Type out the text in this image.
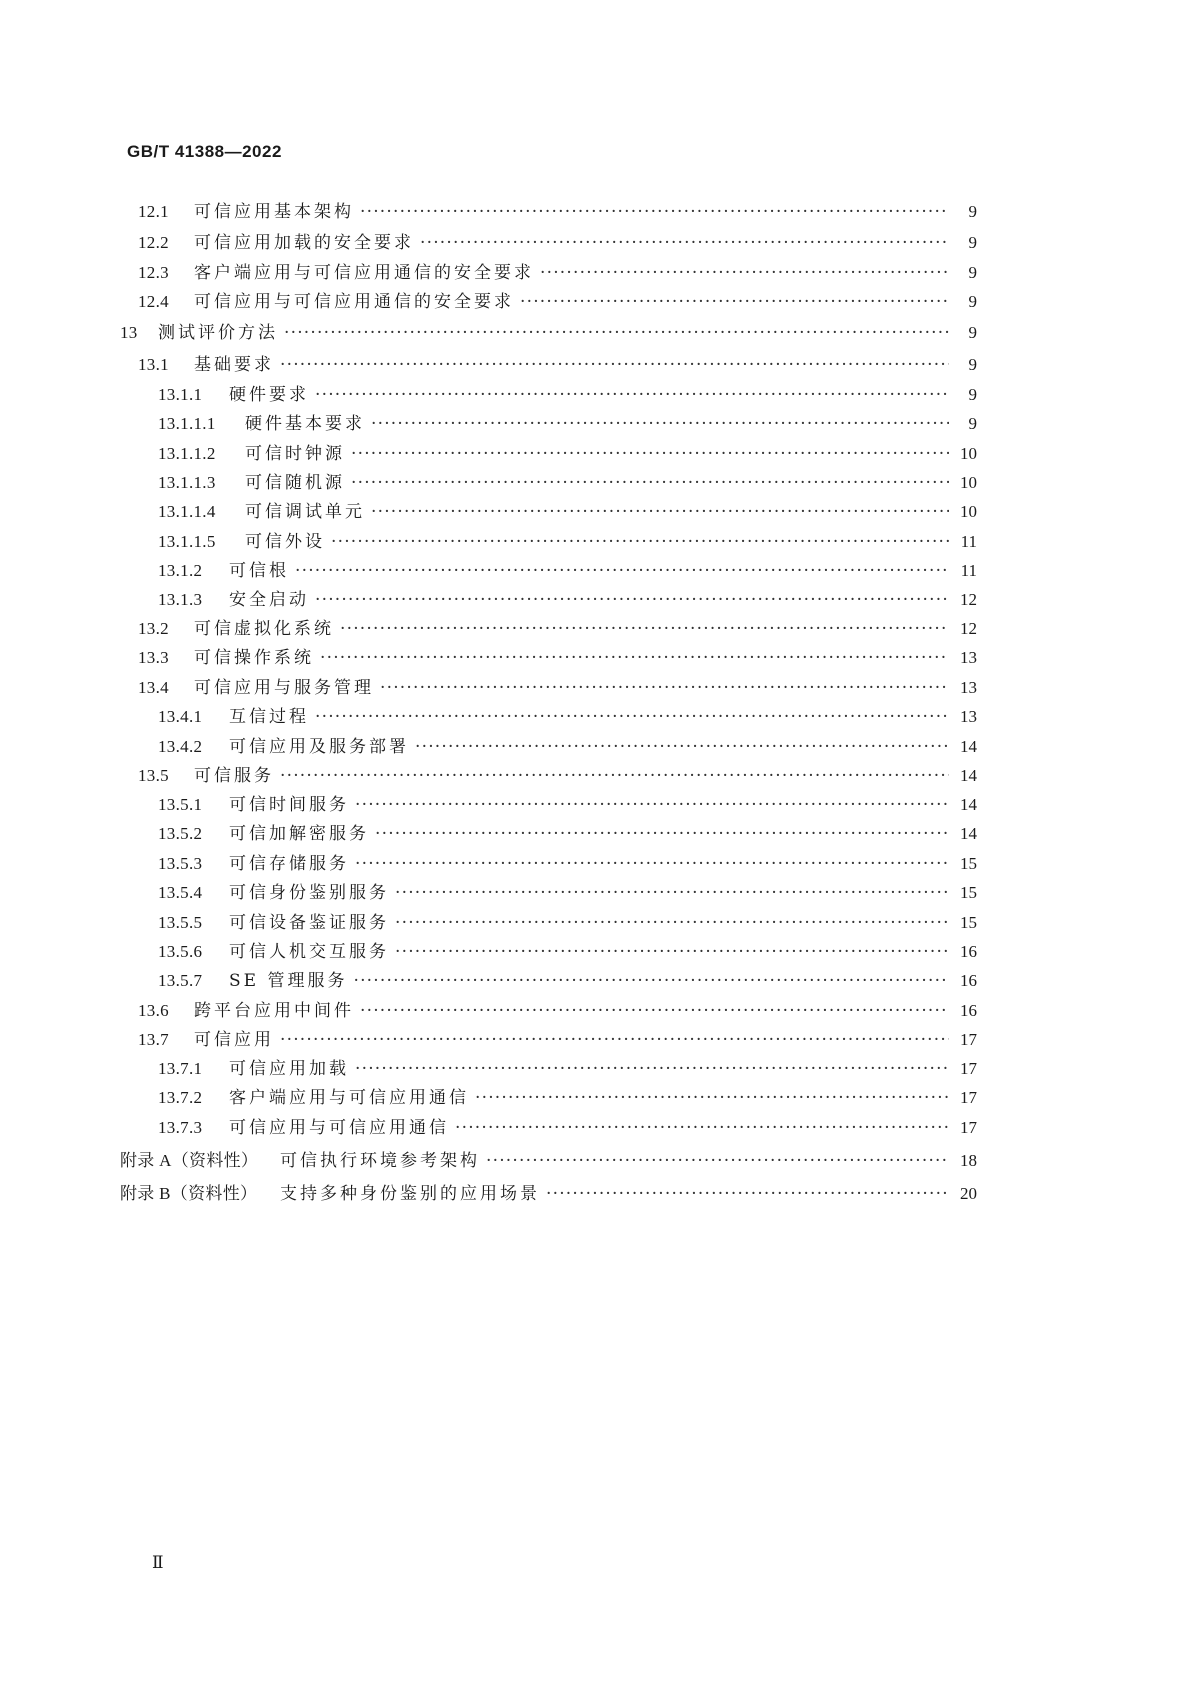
GB/T 41388—2022
12.1	可信应用基本架构 ·····	9
12.2	可信应用加载的安全要求 ·····	9
12.3	客户端应用与可信应用通信的安全要求 ·····	9
12.4	可信应用与可信应用通信的安全要求 ·····	9
13	测试评价方法 ·····	9
13.1	基础要求 ·····	9
13.1.1	硬件要求 ·····	9
13.1.1.1	硬件基本要求 ·····	9
13.1.1.2	可信时钟源 ·····	10
13.1.1.3	可信随机源 ·····	10
13.1.1.4	可信调试单元 ·····	10
13.1.1.5	可信外设 ·····	11
13.1.2	可信根 ·····	11
13.1.3	安全启动 ·····	12
13.2	可信虚拟化系统 ·····	12
13.3	可信操作系统 ·····	13
13.4	可信应用与服务管理 ·····	13
13.4.1	互信过程 ·····	13
13.4.2	可信应用及服务部署 ·····	14
13.5	可信服务 ·····	14
13.5.1	可信时间服务 ·····	14
13.5.2	可信加解密服务 ·····	14
13.5.3	可信存储服务 ·····	15
13.5.4	可信身份鉴别服务 ·····	15
13.5.5	可信设备鉴证服务 ·····	15
13.5.6	可信人机交互服务 ·····	16
13.5.7	SE 管理服务 ·····	16
13.6	跨平台应用中间件 ·····	16
13.7	可信应用 ·····	17
13.7.1	可信应用加载 ·····	17
13.7.2	客户端应用与可信应用通信 ·····	17
13.7.3	可信应用与可信应用通信 ·····	17
附录 A（资料性）	可信执行环境参考架构 ·····	18
附录 B（资料性）	支持多种身份鉴别的应用场景 ·····	20
Ⅱ
